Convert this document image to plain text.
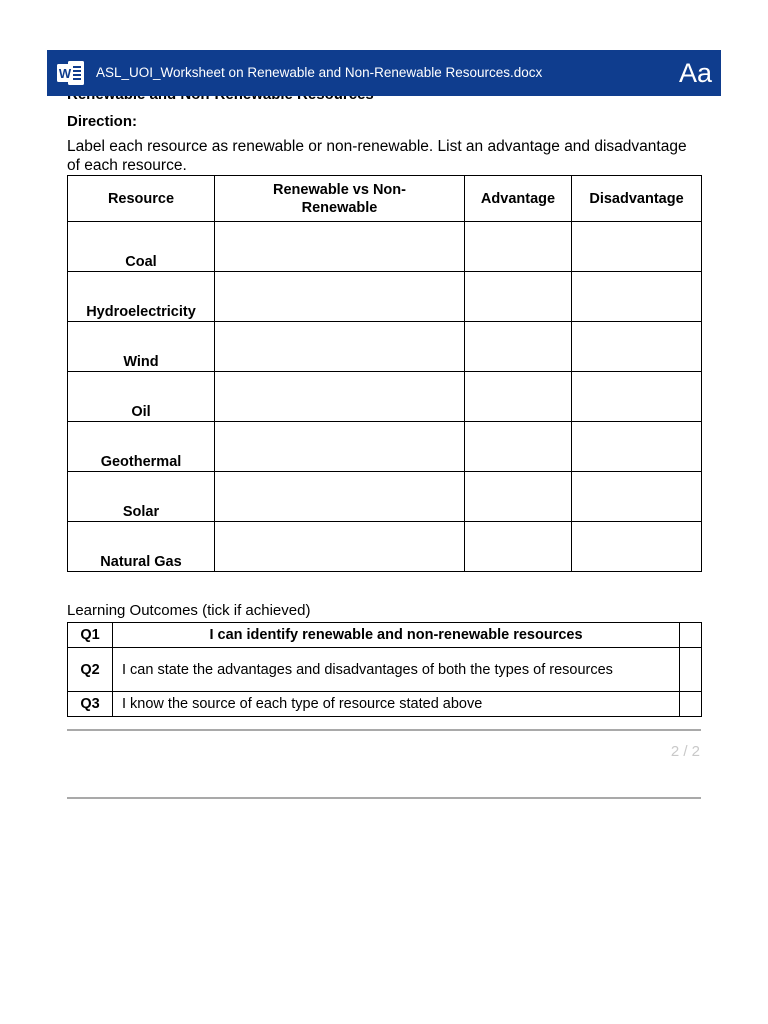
W ASL_UOI_Worksheet on Renewable and Non-Renewable Resources.docx	Aa
Direction:
Label each resource as renewable or non-renewable. List an advantage and disadvantage of each resource.
Resource	Renewable vs Non-Renewable	Advantage	Disadvantage
Coal			
Hydroelectricity			
Wind			
Oil			
Geothermal			
Solar			
Natural Gas			
Learning Outcomes (tick if achieved)
Q1	I can identify renewable and non-renewable resources	
Q2	I can state the advantages and disadvantages of both the types of resources	
Q3	I know the source of each type of resource stated above	
2 / 2
